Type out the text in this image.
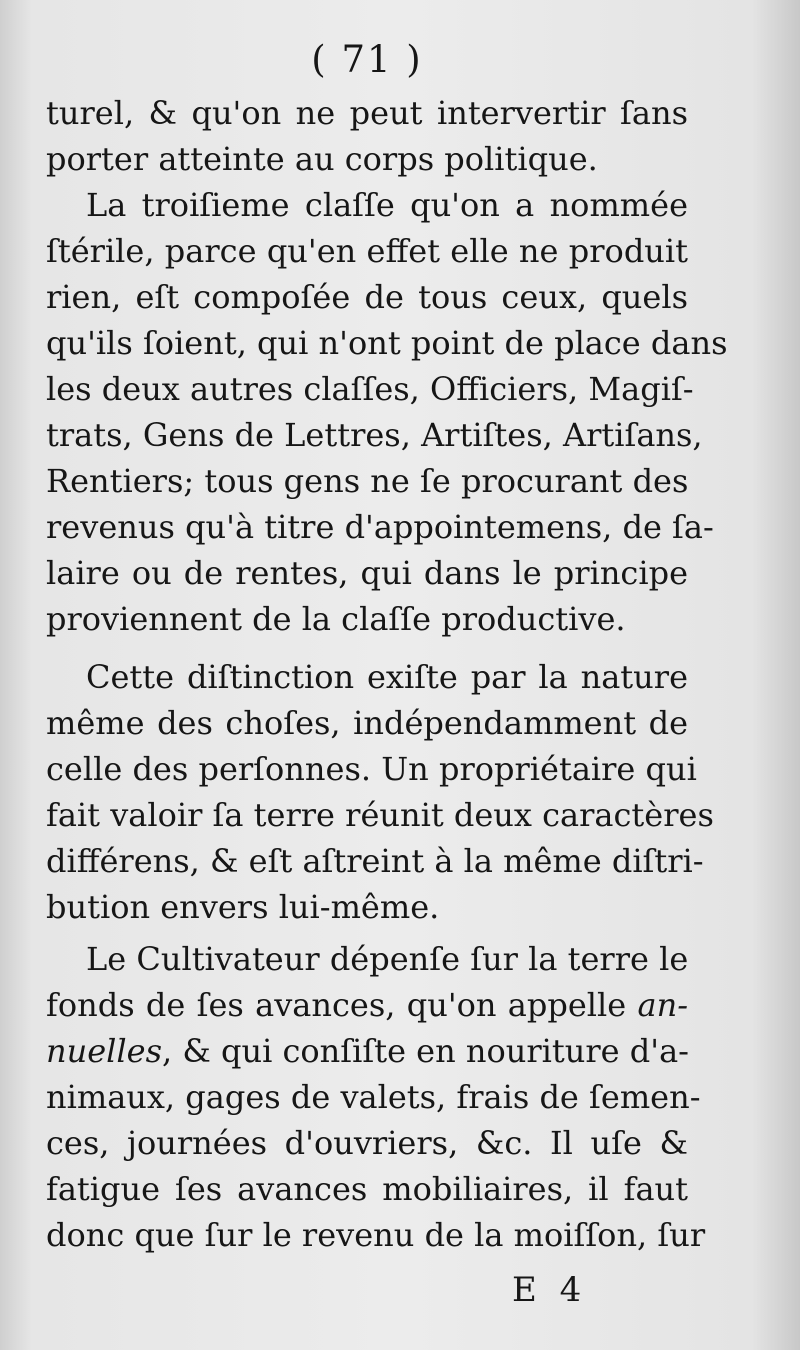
( 71 )
turel, & qu'on ne peut intervertir ſans
porter atteinte au corps politique.
La troiſieme claſſe qu'on a nommée
ſtérile, parce qu'en effet elle ne produit
rien, eſt compoſée de tous ceux, quels
qu'ils ſoient, qui n'ont point de place dans
les deux autres claſſes, Officiers, Magiſ-
trats, Gens de Lettres, Artiſtes, Artiſans,
Rentiers; tous gens ne ſe procurant des
revenus qu'à titre d'appointemens, de ſa-
laire ou de rentes, qui dans le principe
proviennent de la claſſe productive.
Cette diſtinction exiſte par la nature
même des choſes, indépendamment de
celle des perſonnes. Un propriétaire qui
fait valoir ſa terre réunit deux caractères
différens, & eſt aſtreint à la même diſtri-
bution envers lui-même.
Le Cultivateur dépenſe ſur la terre le
fonds de ſes avances, qu'on appelle an-
nuelles, & qui conſiſte en nouriture d'a-
nimaux, gages de valets, frais de ſemen-
ces, journées d'ouvriers, &c. Il uſe &
fatigue ſes avances mobiliaires, il faut
donc que ſur le revenu de la moiſſon, ſur
E 4
